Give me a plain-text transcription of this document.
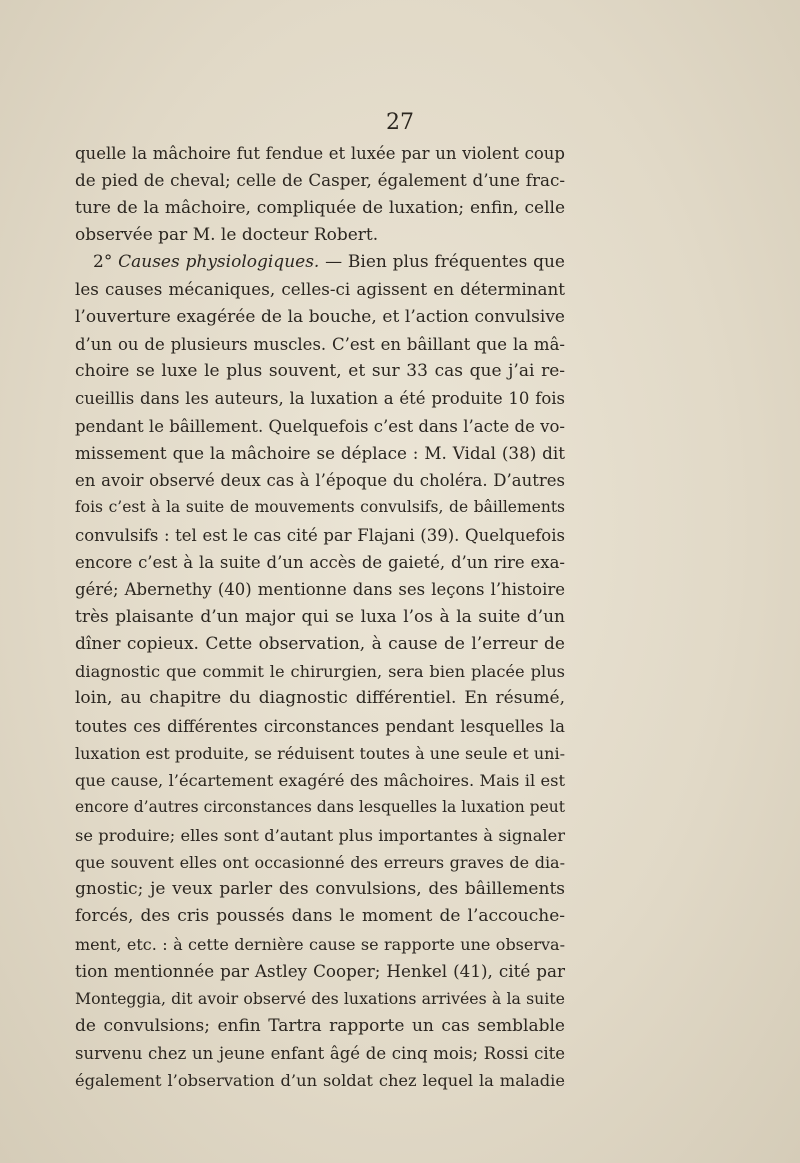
27
quelle la mâchoire fut fendue et luxée par un violent coup
de pied de cheval; celle de Casper, également d’une frac-
ture de la mâchoire, compliquée de luxation; enfin, celle
observée par M. le docteur Robert.
2° Causes physiologiques. — Bien plus fréquentes que
les causes mécaniques, celles-ci agissent en déterminant
l’ouverture exagérée de la bouche, et l’action convulsive
d’un ou de plusieurs muscles. C’est en bâillant que la mâ-
choire se luxe le plus souvent, et sur 33 cas que j’ai re-
cueillis dans les auteurs, la luxation a été produite 10 fois
pendant le bâillement. Quelquefois c’est dans l’acte de vo-
missement que la mâchoire se déplace : M. Vidal (38) dit
en avoir observé deux cas à l’époque du choléra. D’autres
fois c’est à la suite de mouvements convulsifs, de bâillements
convulsifs : tel est le cas cité par Flajani (39). Quelquefois
encore c’est à la suite d’un accès de gaieté, d’un rire exa-
géré; Abernethy (40) mentionne dans ses leçons l’histoire
très plaisante d’un major qui se luxa l’os à la suite d’un
dîner copieux. Cette observation, à cause de l’erreur de
diagnostic que commit le chirurgien, sera bien placée plus
loin, au chapitre du diagnostic différentiel. En résumé,
toutes ces différentes circonstances pendant lesquelles la
luxation est produite, se réduisent toutes à une seule et uni-
que cause, l’écartement exagéré des mâchoires. Mais il est
encore d’autres circonstances dans lesquelles la luxation peut
se produire; elles sont d’autant plus importantes à signaler
que souvent elles ont occasionné des erreurs graves de dia-
gnostic; je veux parler des convulsions, des bâillements
forcés, des cris poussés dans le moment de l’accouche-
ment, etc. : à cette dernière cause se rapporte une observa-
tion mentionnée par Astley Cooper; Henkel (41), cité par
Monteggia, dit avoir observé des luxations arrivées à la suite
de convulsions; enfin Tartra rapporte un cas semblable
survenu chez un jeune enfant âgé de cinq mois; Rossi cite
également l’observation d’un soldat chez lequel la maladie
